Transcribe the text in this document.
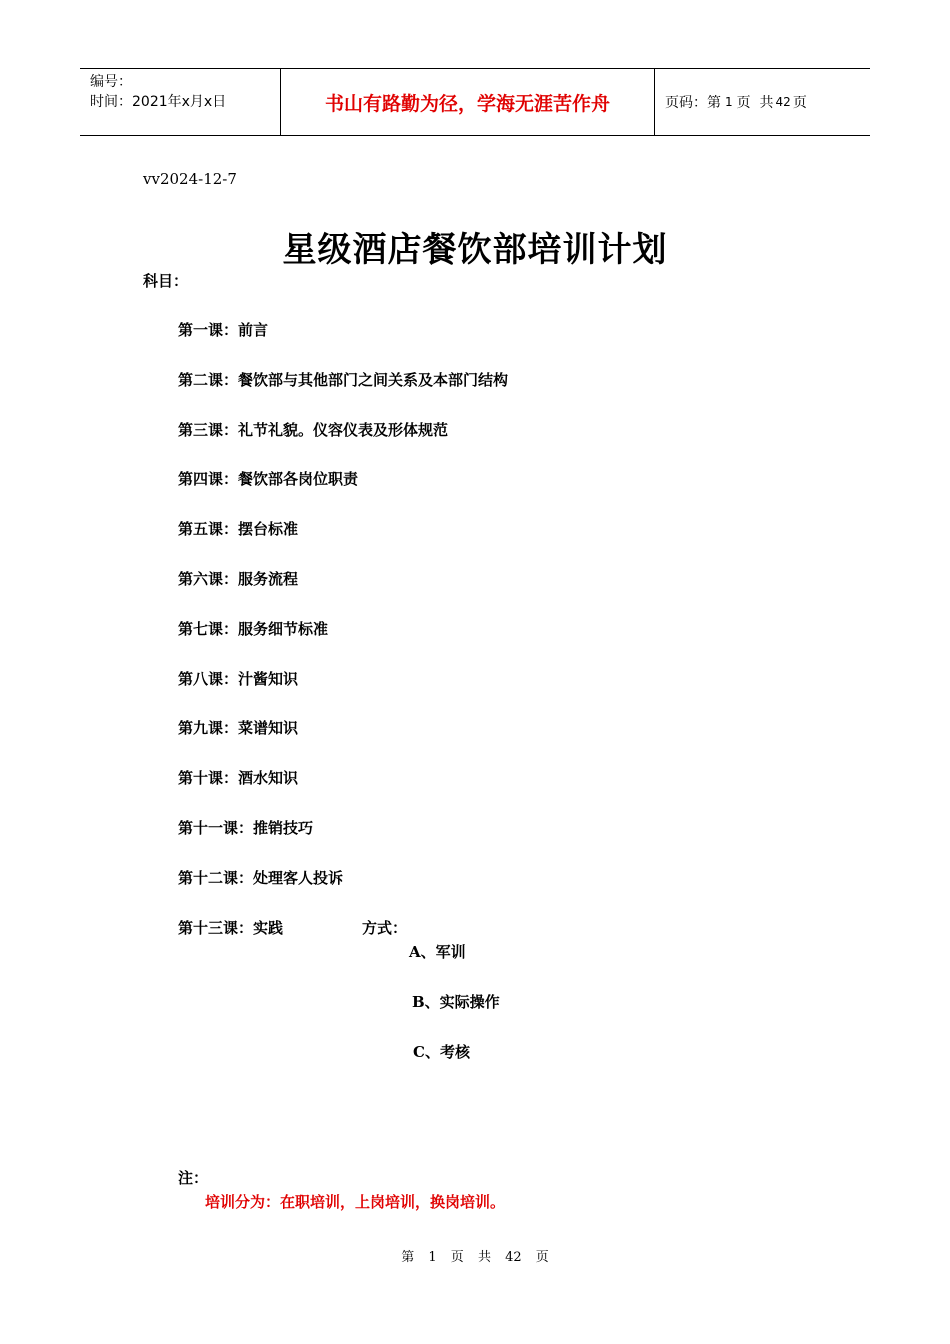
编号：
时间：2021年x月x日	书山有路勤为径，学海无涯苦作舟	页码：第 1 页  共 42 页
vv2024-12-7
星级酒店餐饮部培训计划
科目：
第一课：前言
第二课：餐饮部与其他部门之间关系及本部门结构
第三课：礼节礼貌。仪容仪表及形体规范
第四课：餐饮部各岗位职责
第五课：摆台标准
第六课：服务流程
第七课：服务细节标准
第八课：汁酱知识
第九课：菜谱知识
第十课：酒水知识
第十一课：推销技巧
第十二课：处理客人投诉
第十三课：实践	方式：
A、军训
B、实际操作
C、考核
注：
培训分为：在职培训，上岗培训，换岗培训。
第 1 页 共 42 页
